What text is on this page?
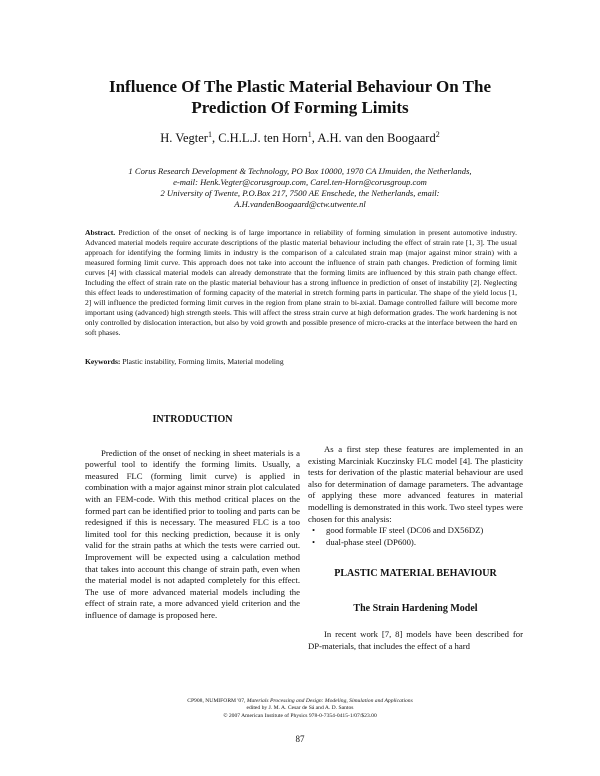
Influence Of The Plastic Material Behaviour On The
Prediction Of Forming Limits
H. Vegter$^1$, C.H.L.J. ten Horn$^1$, A.H. van den Boogaard$^2$
1 Corus Research Development & Technology, PO Box 10000, 1970 CA IJmuiden, the Netherlands,
e-mail: Henk.Vegter@corusgroup.com, Carel.ten-Horn@corusgroup.com
2 University of Twente, P.O.Box 217, 7500 AE Enschede, the Netherlands, email:
A.H.vandenBoogaard@ctw.utwente.nl
Abstract. Prediction of the onset of necking is of large importance in reliability of forming simulation in present automotive industry. Advanced material models require accurate descriptions of the plastic material behaviour including the effect of strain rate [1, 3]. The usual approach for identifying the forming limits in industry is the comparison of a calculated strain map (major against minor strain) with a measured forming limit curve. This approach does not take into account the influence of strain path changes. Prediction of forming limit curves [4] with classical material models can already demonstrate that the forming limits are influenced by this strain path change effect. Including the effect of strain rate on the plastic material behaviour has a strong influence in prediction of onset of instability [2]. Neglecting this effect leads to underestimation of forming capacity of the material in stretch forming parts in particular. The shape of the yield locus [1, 2] will influence the predicted forming limit curves in the region from plane strain to bi-axial. Damage controlled failure will become more important using (advanced) high strength steels. This will affect the stress strain curve at high deformation grades. The work hardening is not only controlled by dislocation interaction, but also by void growth and possible presence of micro-cracks at the interface between the hard en soft phases.
Keywords: Plastic instability, Forming limits, Material modeling
INTRODUCTION

Prediction of the onset of necking in sheet materials is a powerful tool to identify the forming limits. Usually, a measured FLC (forming limit curve) is applied in combination with a major against minor strain plot calculated with an FEM-code. With this method critical places on the formed part can be identified prior to tooling and parts can be redesigned if this is necessary. The measured FLC is a too limited tool for this necking prediction, because it is only valid for the strain paths at which the tests were carried out. Improvement will be expected using a calculation method that takes into account this change of strain path, even when the material model is not adapted completely for this effect. The use of more advanced material models including the effect of strain rate, a more advanced yield criterion and the influence of damage is proposed here.

As a first step these features are implemented in an existing Marciniak Kuczinsky FLC model [4]. The plasticity tests for derivation of the plastic material behaviour are used also for determination of damage parameters. The advantage of applying these more advanced features in material modelling is demonstrated in this work. Two steel types were chosen for this analysis:

• good formable IF steel (DC06 and DX56DZ)
• dual-phase steel (DP600).
PLASTIC MATERIAL BEHAVIOUR
The Strain Hardening Model

In recent work [7, 8] models have been described for DP-materials, that includes the effect of a hard

CP908, NUMIFORM '07, Materials Processing and Design: Modeling, Simulation and Applications
edited by J. M. A. Cesar de Sá and A. D. Santos
© 2007 American Institute of Physics 978-0-7354-0415-1/07/$23.00
87
